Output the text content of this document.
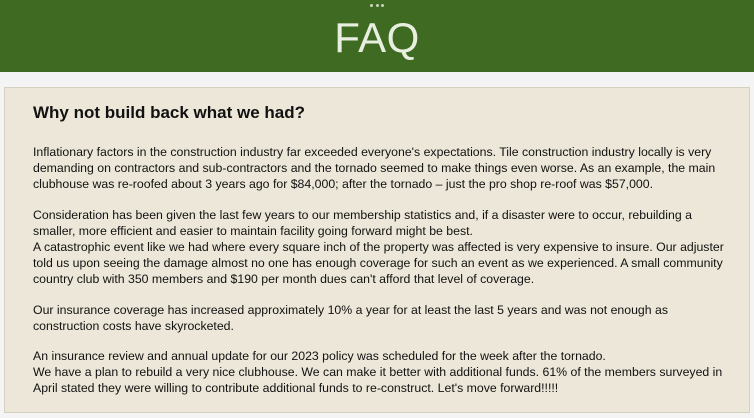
FAQ
Why not build back what we had?

Inflationary factors in the construction industry far exceeded everyone's expectations. Tile construction industry locally is very demanding on contractors and sub-contractors and the tornado seemed to make things even worse. As an example, the main clubhouse was re-roofed about 3 years ago for $84,000; after the tornado – just the pro shop re-roof was $57,000.

Consideration has been given the last few years to our membership statistics and, if a disaster were to occur, rebuilding a smaller, more efficient and easier to maintain facility going forward might be best.

A catastrophic event like we had where every square inch of the property was affected is very expensive to insure. Our adjuster told us upon seeing the damage almost no one has enough coverage for such an event as we experienced. A small community country club with 350 members and $190 per month dues can't afford that level of coverage.

Our insurance coverage has increased approximately 10% a year for at least the last 5 years and was not enough as construction costs have skyrocketed.

An insurance review and annual update for our 2023 policy was scheduled for the week after the tornado.

We have a plan to rebuild a very nice clubhouse. We can make it better with additional funds. 61% of the members surveyed in April stated they were willing to contribute additional funds to re-construct. Let's move forward!!!!!
